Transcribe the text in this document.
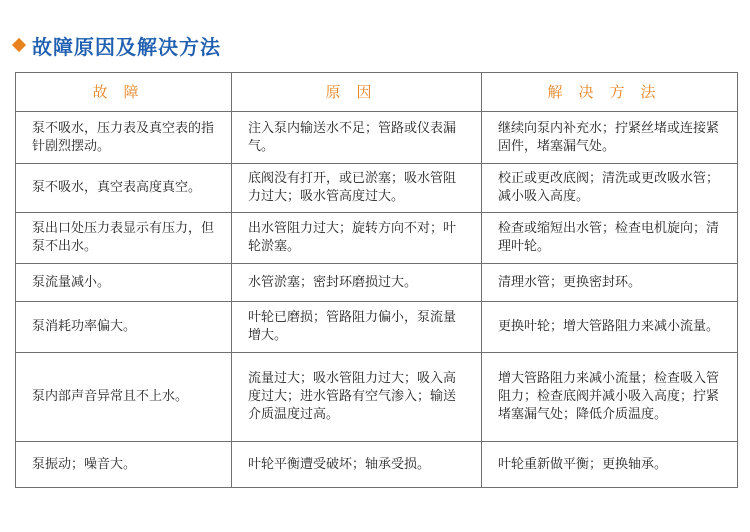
故障原因及解决方法
故障	原因	解决方法
泵不吸水，压力表及真空表的指针剧烈摆动。	注入泵内输送水不足；管路或仪表漏气。	继续向泵内补充水；拧紧丝堵或连接紧固件，堵塞漏气处。
泵不吸水，真空表高度真空。	底阀没有打开，或已淤塞；吸水管阻力过大；吸水管高度过大。	校正或更改底阀；清洗或更改吸水管；减小吸入高度。
泵出口处压力表显示有压力，但泵不出水。	出水管阻力过大；旋转方向不对；叶轮淤塞。	检查或缩短出水管；检查电机旋向；清理叶轮。
泵流量减小。	水管淤塞；密封环磨损过大。	清理水管；更换密封环。
泵消耗功率偏大。	叶轮已磨损；管路阻力偏小，泵流量增大。	更换叶轮；增大管路阻力来减小流量。
泵内部声音异常且不上水。	流量过大；吸水管阻力过大；吸入高度过大；进水管路有空气渗入；输送介质温度过高。	增大管路阻力来减小流量；检查吸入管阻力；检查底阀并减小吸入高度；拧紧堵塞漏气处；降低介质温度。
泵振动；噪音大。	叶轮平衡遭受破坏；轴承受损。	叶轮重新做平衡；更换轴承。
